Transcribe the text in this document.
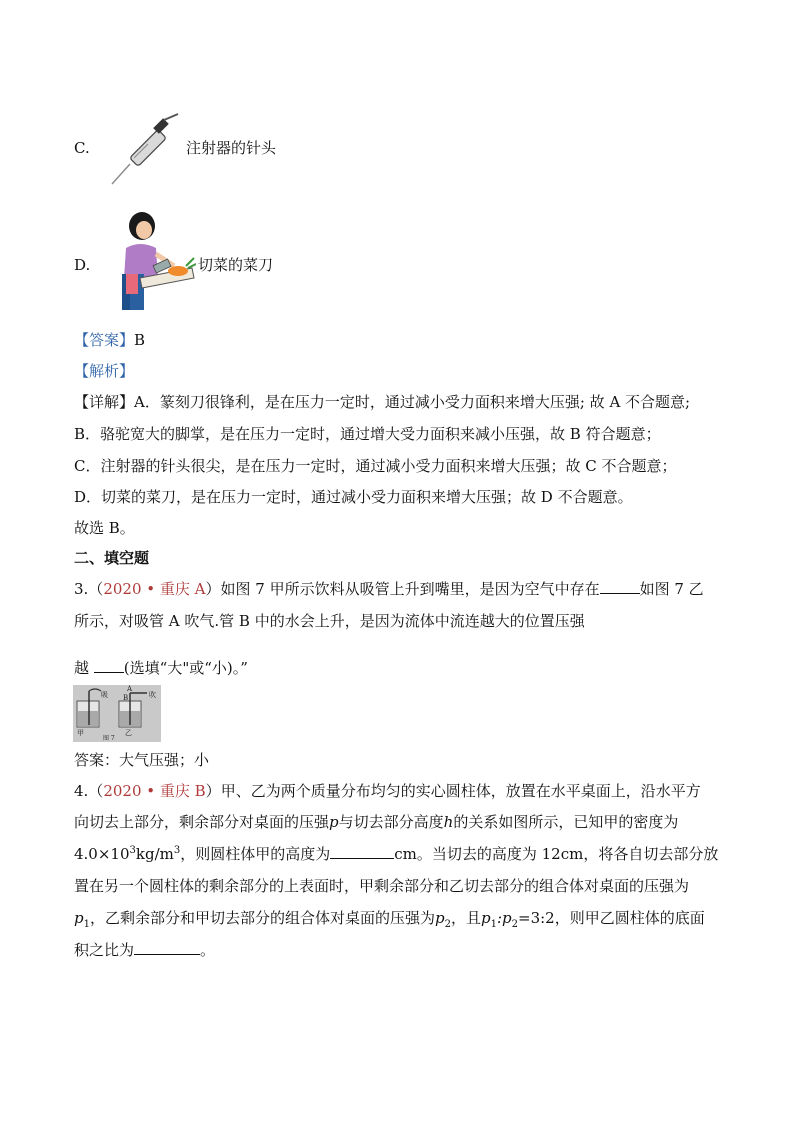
C.	注射器的针头
D.	切菜的菜刀
【答案】B
【解析】
【详解】A．篆刻刀很锋利，是在压力一定时，通过减小受力面积来增大压强; 故 A 不合题意;
B．骆驼宽大的脚掌，是在压力一定时，通过增大受力面积来减小压强，故 B 符合题意；
C．注射器的针头很尖，是在压力一定时，通过减小受力面积来增大压强；故 C 不合题意；
D．切菜的菜刀，是在压力一定时，通过减小受力面积来增大压强；故 D 不合题意。
故选 B。
二、填空题
3.（2020 • 重庆 A）如图 7 甲所示饮料从吸管上升到嘴里，是因为空气中存在	如图 7 乙
所示，对吸管 A 吹气.管 B 中的水会上升，是因为流体中流连越大的位置压强
越 (选填“大"或“小)。”
吸
A
B	吹
甲	乙
图 7
答案：大气压强；小
4.（2020 • 重庆 B）甲、乙为两个质量分布均匀的实心圆柱体，放置在水平桌面上，沿水平方
向切去上部分，剩余部分对桌面的压强p与切去部分高度h的关系如图所示，已知甲的密度为
$4.0\times 10^3kg/m^3$，则圆柱体甲的高度为	cm。当切去的高度为 12cm，将各自切去部分放
置在另一个圆柱体的剩余部分的上表面时，甲剩余部分和乙切去部分的组合体对桌面的压强为
$p_1$，乙剩余部分和甲切去部分的组合体对桌面的压强为$p_2$，且$p_1:p_2=3:2$，则甲乙圆柱体的底面
积之比为	。
